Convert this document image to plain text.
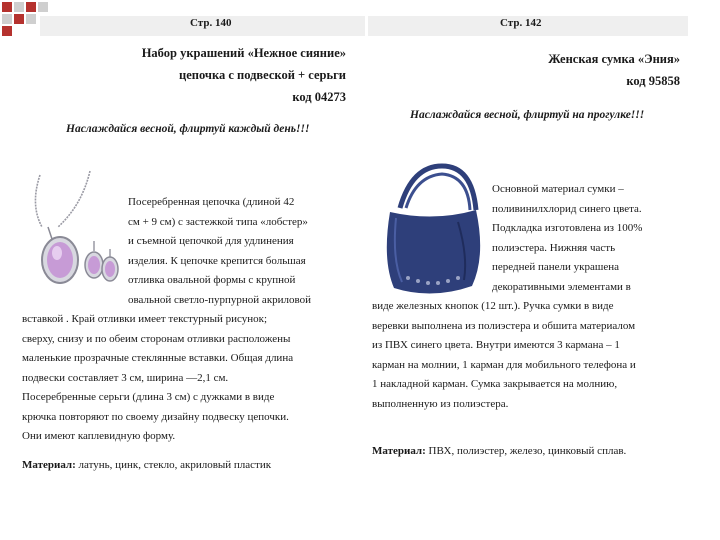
Стр. 140	Стр. 142
Набор украшений «Нежное сияние»
цепочка с подвеской + серьги
код 04273
Наслаждайся весной, флиртуй каждый день!!!
Посеребренная цепочка (длиной 42
см + 9 см) с застежкой типа «лобстер»
и съемной цепочкой для удлинения
изделия. К цепочке крепится большая
отливка овальной формы с крупной
овальной светло-пурпурной акриловой
вставкой . Край отливки имеет текстурный рисунок;
сверху, снизу и по обеим сторонам отливки расположены
маленькие прозрачные стеклянные вставки. Общая длина
подвески составляет 3 см, ширина —2,1 см.
Посеребренные серьги (длина 3 см) с дужками в виде
крючка повторяют по своему дизайну подвеску цепочки.
Они имеют каплевидную форму.
Материал: латунь, цинк, стекло, акриловый пластик
Женская сумка «Эния»
код 95858
Наслаждайся весной, флиртуй на прогулке!!!
Основной материал сумки –
поливинилхлорид синего цвета.
Подкладка изготовлена из 100%
полиэстера. Нижняя часть
передней панели украшена
декоративными элементами в
виде железных кнопок (12 шт.). Ручка сумки в виде
веревки выполнена из полиэстера и обшита материалом
из ПВХ синего цвета. Внутри имеются 3 кармана – 1
карман на молнии, 1 карман для мобильного телефона и
1 накладной карман. Сумка закрывается на молнию,
выполненную из полиэстера.
Материал: ПВХ, полиэстер, железо, цинковый сплав.
